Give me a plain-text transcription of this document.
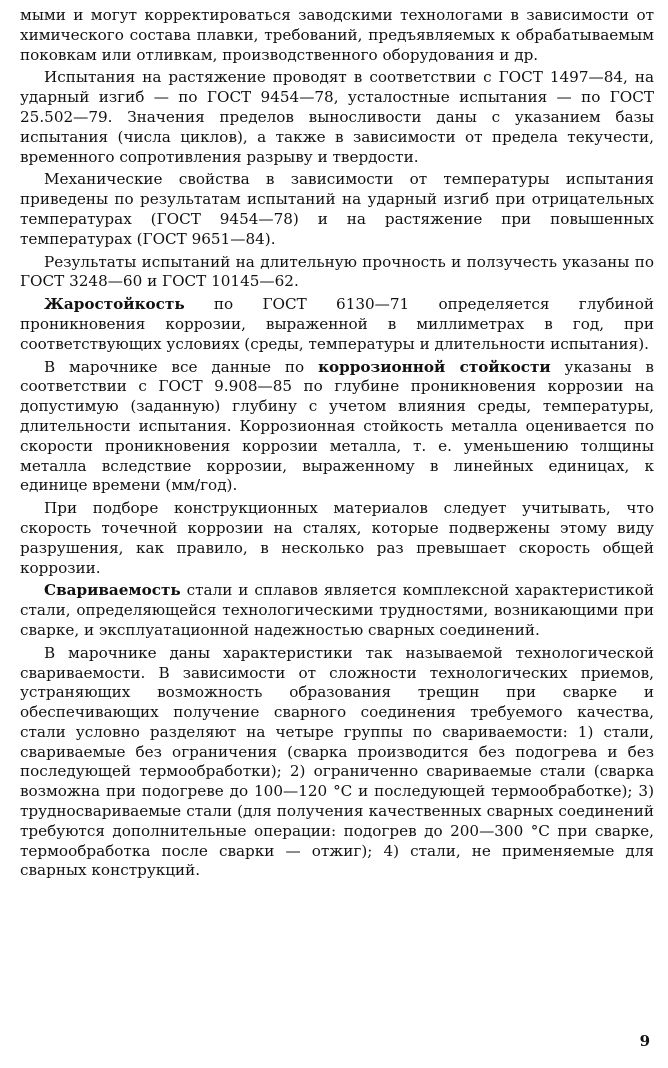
мыми и могут корректироваться заводскими технологами в зависимости от химического состава плавки, требований, предъявляемых к обрабатываемым поковкам или отливкам, производственного оборудования и др.

Испытания на растяжение проводят в соответствии с ГОСТ 1497—84, на ударный изгиб — по ГОСТ 9454—78, усталостные испытания — по ГОСТ 25.502—79. Значения пределов выносливости даны с указанием базы испытания (числа циклов), а также в зависимости от предела текучести, временного сопротивления разрыву и твердости.

Механические свойства в зависимости от температуры испытания приведены по результатам испытаний на ударный изгиб при отрицательных температурах (ГОСТ 9454—78) и на растяжение при повышенных температурах (ГОСТ 9651—84).

Результаты испытаний на длительную прочность и ползучесть указаны по ГОСТ 3248—60 и ГОСТ 10145—62.

Жаростойкость по ГОСТ 6130—71 определяется глубиной проникновения коррозии, выраженной в миллиметрах в год, при соответствующих условиях (среды, температуры и длительности испытания).

В марочнике все данные по коррозионной стойкости указаны в соответствии с ГОСТ 9.908—85 по глубине проникновения коррозии на допустимую (заданную) глубину с учетом влияния среды, температуры, длительности испытания. Коррозионная стойкость металла оценивается по скорости проникновения коррозии металла, т. е. уменьшению толщины металла вследствие коррозии, выраженному в линейных единицах, к единице времени (мм/год).

При подборе конструкционных материалов следует учитывать, что скорость точечной коррозии на сталях, которые подвержены этому виду разрушения, как правило, в несколько раз превышает скорость общей коррозии.

Свариваемость стали и сплавов является комплексной характеристикой стали, определяющейся технологическими трудностями, возникающими при сварке, и эксплуатационной надежностью сварных соединений.

В марочнике даны характеристики так называемой технологической свариваемости. В зависимости от сложности технологических приемов, устраняющих возможность образования трещин при сварке и обеспечивающих получение сварного соединения требуемого качества, стали условно разделяют на четыре группы по свариваемости: 1) стали, свариваемые без ограничения (сварка производится без подогрева и без последующей термообработки); 2) ограниченно свариваемые стали (сварка возможна при подогреве до 100—120 °C и последующей термообработке); 3) трудносвариваемые стали (для получения качественных сварных соединений требуются дополнительные операции: подогрев до 200—300 °C при сварке, термообработка после сварки — отжиг); 4) стали, не применяемые для сварных конструкций.

9
